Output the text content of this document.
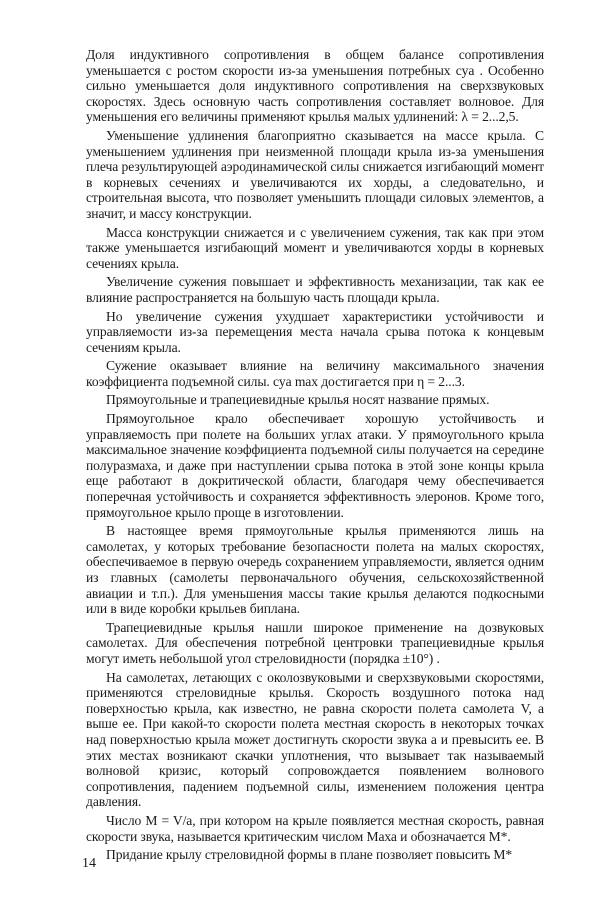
Доля индуктивного сопротивления в общем балансе сопротивления уменьшается с ростом скорости из-за уменьшения потребных cya . Особенно сильно уменьшается доля индуктивного сопротивления на сверхзвуковых скоростях. Здесь основную часть сопротивления составляет волновое. Для уменьшения его величины применяют крылья малых удлинений: λ = 2...2,5.

Уменьшение удлинения благоприятно сказывается на массе крыла. С уменьшением удлинения при неизменной площади крыла из-за уменьшения плеча результирующей аэродинамической силы снижается изгибающий момент в корневых сечениях и увеличиваются их хорды, а следовательно, и строительная высота, что позволяет уменьшить площади силовых элементов, а значит, и массу конструкции.

Масса конструкции снижается и с увеличением сужения, так как при этом также уменьшается изгибающий момент и увеличиваются хорды в корневых сечениях крыла.

Увеличение сужения повышает и эффективность механизации, так как ее влияние распространяется на большую часть площади крыла.

Но увеличение сужения ухудшает характеристики устойчивости и управляемости из-за перемещения места начала срыва потока к концевым сечениям крыла.

Сужение оказывает влияние на величину максимального значения коэффициента подъемной силы. cya max достигается при η = 2...3.

Прямоугольные и трапециевидные крылья носят название прямых.

Прямоугольное крало обеспечивает хорошую устойчивость и управляемость при полете на больших углах атаки. У прямоугольного крыла максимальное значение коэффициента подъемной силы получается на середине полуразмаха, и даже при наступлении срыва потока в этой зоне концы крыла еще работают в докритической области, благодаря чему обеспечивается поперечная устойчивость и сохраняется эффективность элеронов. Кроме того, прямоугольное крыло проще в изготовлении.

В настоящее время прямоугольные крылья применяются лишь на самолетах, у которых требование безопасности полета на малых скоростях, обеспечиваемое в первую очередь сохранением управляемости, является одним из главных (самолеты первоначального обучения, сельскохозяйственной авиации и т.п.). Для уменьшения массы такие крылья делаются подкосными или в виде коробки крыльев биплана.

Трапециевидные крылья нашли широкое применение на дозвуковых самолетах. Для обеспечения потребной центровки трапециевидные крылья могут иметь небольшой угол стреловидности (порядка ±10°) .

На самолетах, летающих с околозвуковыми и сверхзвуковыми скоростями, применяются стреловидные крылья. Скорость воздушного потока над поверхностью крыла, как известно, не равна скорости полета самолета V, а выше ее. При какой-то скорости полета местная скорость в некоторых точках над поверхностью крыла может достигнуть скорости звука a и превысить ее. В этих местах возникают скачки уплотнения, что вызывает так называемый волновой кризис, который сопровождается появлением волнового сопротивления, падением подъемной силы, изменением положения центра давления.

Число M = V/a, при котором на крыле появляется местная скорость, равная скорости звука, называется критическим числом Маха и обозначается M*.

Придание крылу стреловидной формы в плане позволяет повысить M*

14
